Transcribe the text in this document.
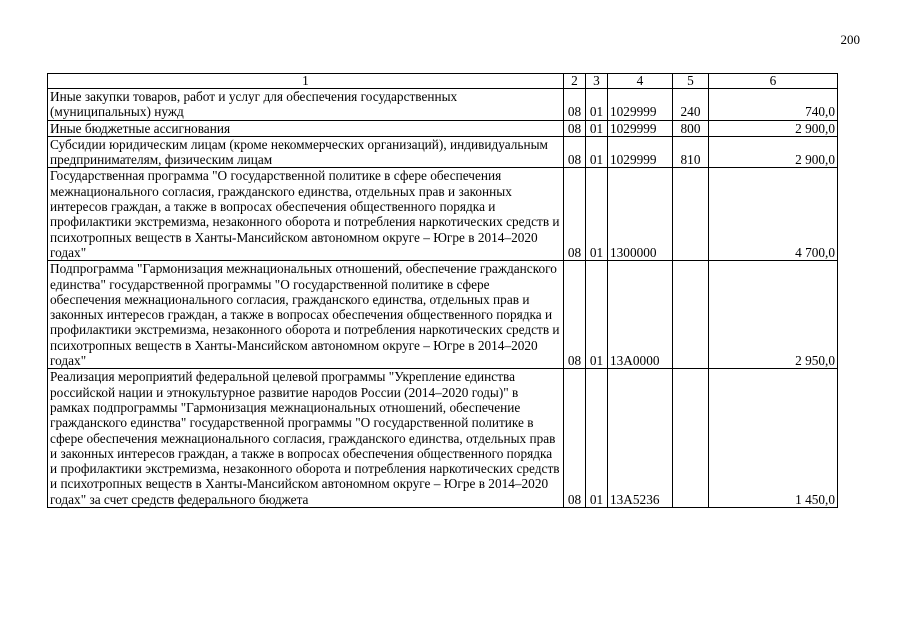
200
1	2	3	4	5	6
Иные закупки товаров, работ и услуг для обеспечения государственных (муниципальных) нужд	08	01	1029999	240	740,0
Иные бюджетные ассигнования	08	01	1029999	800	2 900,0
Субсидии юридическим лицам (кроме некоммерческих организаций), индивидуальным предпринимателям, физическим лицам	08	01	1029999	810	2 900,0
Государственная программа "О государственной политике в сфере обеспечения межнационального согласия, гражданского единства, отдельных прав и законных интересов граждан, а также в вопросах обеспечения общественного порядка и профилактики экстремизма, незаконного оборота и потребления наркотических средств и психотропных веществ в Ханты-Мансийском автономном округе – Югре в 2014–2020 годах"	08	01	1300000		4 700,0
Подпрограмма "Гармонизация межнациональных отношений, обеспечение гражданского единства" государственной программы "О государственной политике в сфере обеспечения межнационального согласия, гражданского единства, отдельных прав и законных интересов граждан, а также в вопросах обеспечения общественного порядка и профилактики экстремизма, незаконного оборота и потребления наркотических средств и психотропных веществ в Ханты-Мансийском автономном округе – Югре в 2014–2020 годах"	08	01	13А0000		2 950,0
Реализация мероприятий федеральной целевой программы "Укрепление единства российской нации и этнокультурное развитие народов России (2014–2020 годы)" в рамках подпрограммы "Гармонизация межнациональных отношений, обеспечение гражданского единства" государственной программы "О государственной политике в сфере обеспечения межнационального согласия, гражданского единства, отдельных прав и законных интересов граждан, а также в вопросах обеспечения общественного порядка и профилактики экстремизма, незаконного оборота и потребления наркотических средств и психотропных веществ в Ханты-Мансийском автономном округе – Югре в 2014–2020 годах" за счет средств федерального бюджета	08	01	13А5236		1 450,0
